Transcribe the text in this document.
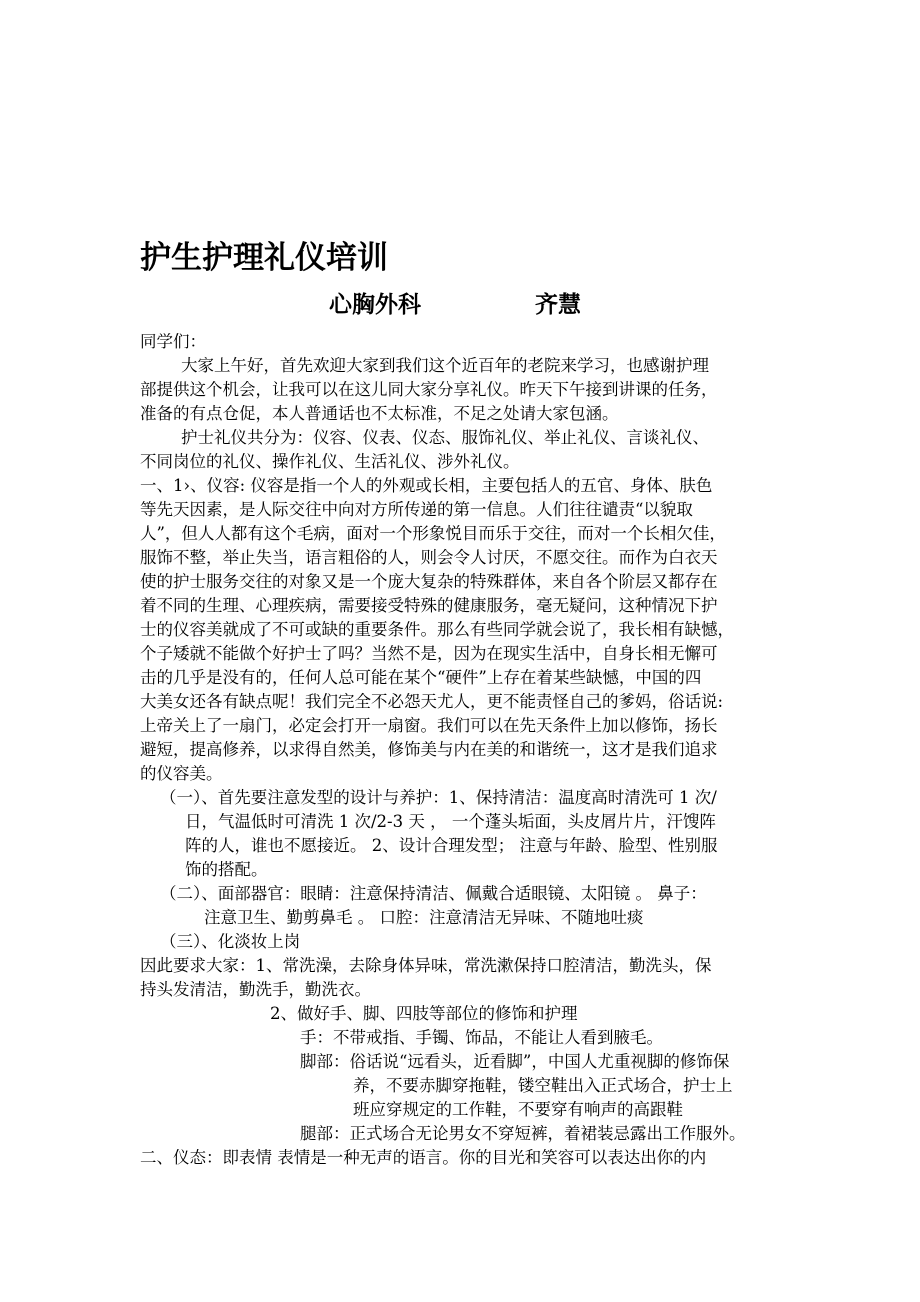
护生护理礼仪培训
心胸外科	齐慧
同学们：
大家上午好，首先欢迎大家到我们这个近百年的老院来学习，也感谢护理
部提供这个机会，让我可以在这儿同大家分享礼仪。昨天下午接到讲课的任务，
准备的有点仓促，本人普通话也不太标准，不足之处请大家包涵。
护士礼仪共分为：仪容、仪表、仪态、服饰礼仪、举止礼仪、言谈礼仪、
不同岗位的礼仪、操作礼仪、生活礼仪、涉外礼仪。
一、1›、仪容: 仪容是指一个人的外观或长相，主要包括人的五官、身体、肤色
等先天因素，是人际交往中向对方所传递的第一信息。人们往往谴责“以貌取
人”，但人人都有这个毛病，面对一个形象悦目而乐于交往，而对一个长相欠佳，
服饰不整，举止失当，语言粗俗的人，则会令人讨厌，不愿交往。而作为白衣天
使的护士服务交往的对象又是一个庞大复杂的特殊群体，来自各个阶层又都存在
着不同的生理、心理疾病，需要接受特殊的健康服务，毫无疑问，这种情况下护
士的仪容美就成了不可或缺的重要条件。那么有些同学就会说了，我长相有缺憾，
个子矮就不能做个好护士了吗？当然不是，因为在现实生活中，自身长相无懈可
击的几乎是没有的，任何人总可能在某个“硬件”上存在着某些缺憾，中国的四
大美女还各有缺点呢！我们完全不必怨天尤人，更不能责怪自己的爹妈，俗话说:
上帝关上了一扇门，必定会打开一扇窗。我们可以在先天条件上加以修饰，扬长
避短，提高修养，以求得自然美，修饰美与内在美的和谐统一，这才是我们追求
的仪容美。
（一）、首先要注意发型的设计与养护：1、保持清洁：温度高时清洗可 1 次/
日，气温低时可清洗 1 次/2-3 天 ， 一个蓬头垢面，头皮屑片片，汗馊阵
阵的人，谁也不愿接近。 2、设计合理发型； 注意与年龄、脸型、性别服
饰的搭配。
（二）、面部器官：眼睛：注意保持清洁、佩戴合适眼镜、太阳镜 。 鼻子：
注意卫生、勤剪鼻毛 。 口腔：注意清洁无异味、不随地吐痰
（三）、化淡妆上岗
因此要求大家：1、常洗澡，去除身体异味，常洗漱保持口腔清洁，勤洗头，保
持头发清洁，勤洗手，勤洗衣。
2、做好手、脚、四肢等部位的修饰和护理
手：不带戒指、手镯、饰品，不能让人看到腋毛。
脚部：俗话说“远看头，近看脚”，中国人尤重视脚的修饰保
养，不要赤脚穿拖鞋，镂空鞋出入正式场合，护士上
班应穿规定的工作鞋，不要穿有响声的高跟鞋
腿部：正式场合无论男女不穿短裤，着裙装忌露出工作服外。
二、仪态：即表情 表情是一种无声的语言。你的目光和笑容可以表达出你的内
